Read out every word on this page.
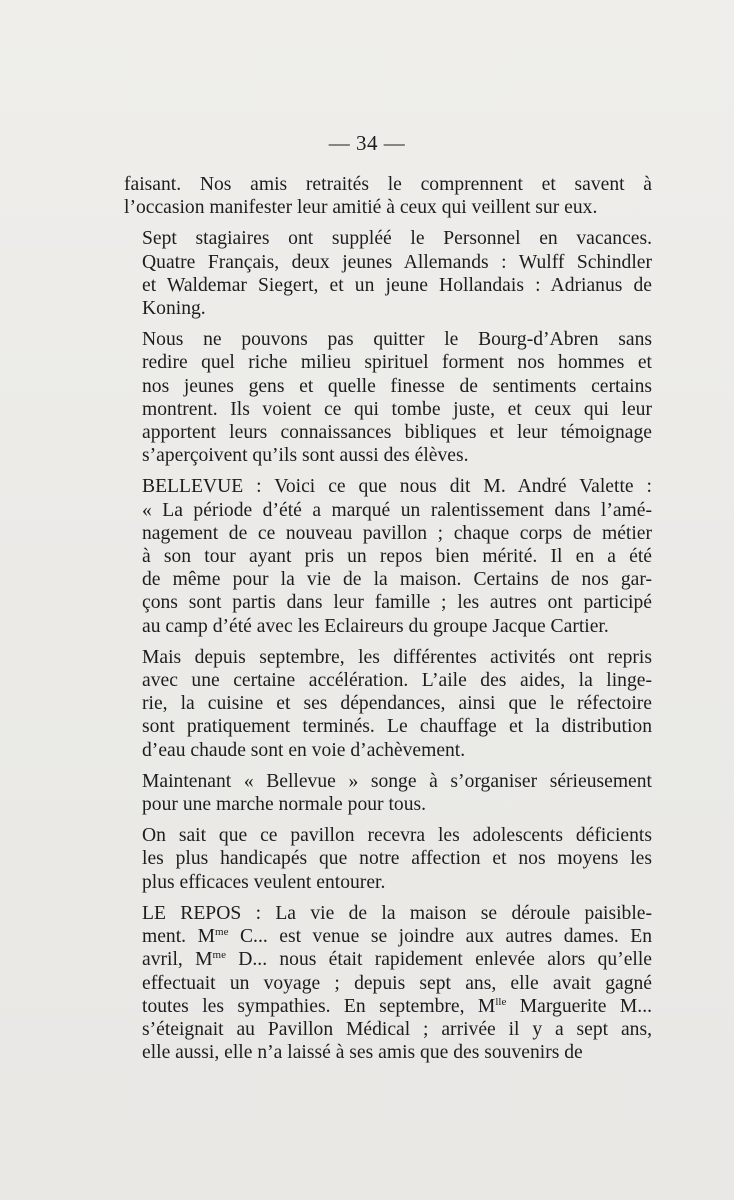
— 34 —
faisant. Nos amis retraités le comprennent et savent à
l’occasion manifester leur amitié à ceux qui veillent sur eux.
Sept stagiaires ont suppléé le Personnel en vacances.
Quatre Français, deux jeunes Allemands : Wulff Schindler
et Waldemar Siegert, et un jeune Hollandais : Adrianus de
Koning.
Nous ne pouvons pas quitter le Bourg-d’Abren sans
redire quel riche milieu spirituel forment nos hommes et
nos jeunes gens et quelle finesse de sentiments certains
montrent. Ils voient ce qui tombe juste, et ceux qui leur
apportent leurs connaissances bibliques et leur témoignage
s’aperçoivent qu’ils sont aussi des élèves.
BELLEVUE : Voici ce que nous dit M. André Valette :
« La période d’été a marqué un ralentissement dans l’amé-
nagement de ce nouveau pavillon ; chaque corps de métier
à son tour ayant pris un repos bien mérité. Il en a été
de même pour la vie de la maison. Certains de nos gar-
çons sont partis dans leur famille ; les autres ont participé
au camp d’été avec les Eclaireurs du groupe Jacque Cartier.
Mais depuis septembre, les différentes activités ont repris
avec une certaine accélération. L’aile des aides, la linge-
rie, la cuisine et ses dépendances, ainsi que le réfectoire
sont pratiquement terminés. Le chauffage et la distribution
d’eau chaude sont en voie d’achèvement.
Maintenant « Bellevue » songe à s’organiser sérieusement
pour une marche normale pour tous.
On sait que ce pavillon recevra les adolescents déficients
les plus handicapés que notre affection et nos moyens les
plus efficaces veulent entourer.
LE REPOS : La vie de la maison se déroule paisible-
ment. $M^{me}$ C... est venue se joindre aux autres dames. En
avril, $M^{me}$ D... nous était rapidement enlevée alors qu’elle
effectuait un voyage ; depuis sept ans, elle avait gagné
toutes les sympathies. En septembre, $M^{lle}$ Marguerite M...
s’éteignait au Pavillon Médical ; arrivée il y a sept ans,
elle aussi, elle n’a laissé à ses amis que des souvenirs de
